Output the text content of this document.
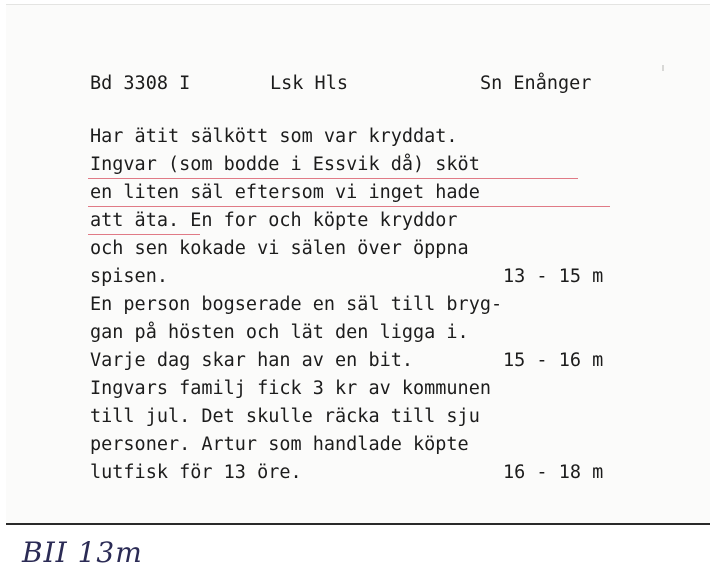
Bd 3308 I	Lsk Hls	Sn Enånger
Har ätit sälkött som var kryddat.
Ingvar (som bodde i Essvik då) sköt
en liten säl eftersom vi inget hade
att äta. En for och köpte kryddor
och sen kokade vi sälen över öppna
spisen.	13 - 15 m
En person bogserade en säl till bryg-
gan på hösten och lät den ligga i.
Varje dag skar han av en bit.	15 - 16 m
Ingvars familj fick 3 kr av kommunen
till jul. Det skulle räcka till sju
personer. Artur som handlade köpte
lutfisk för 13 öre.	16 - 18 m
BII 13m
